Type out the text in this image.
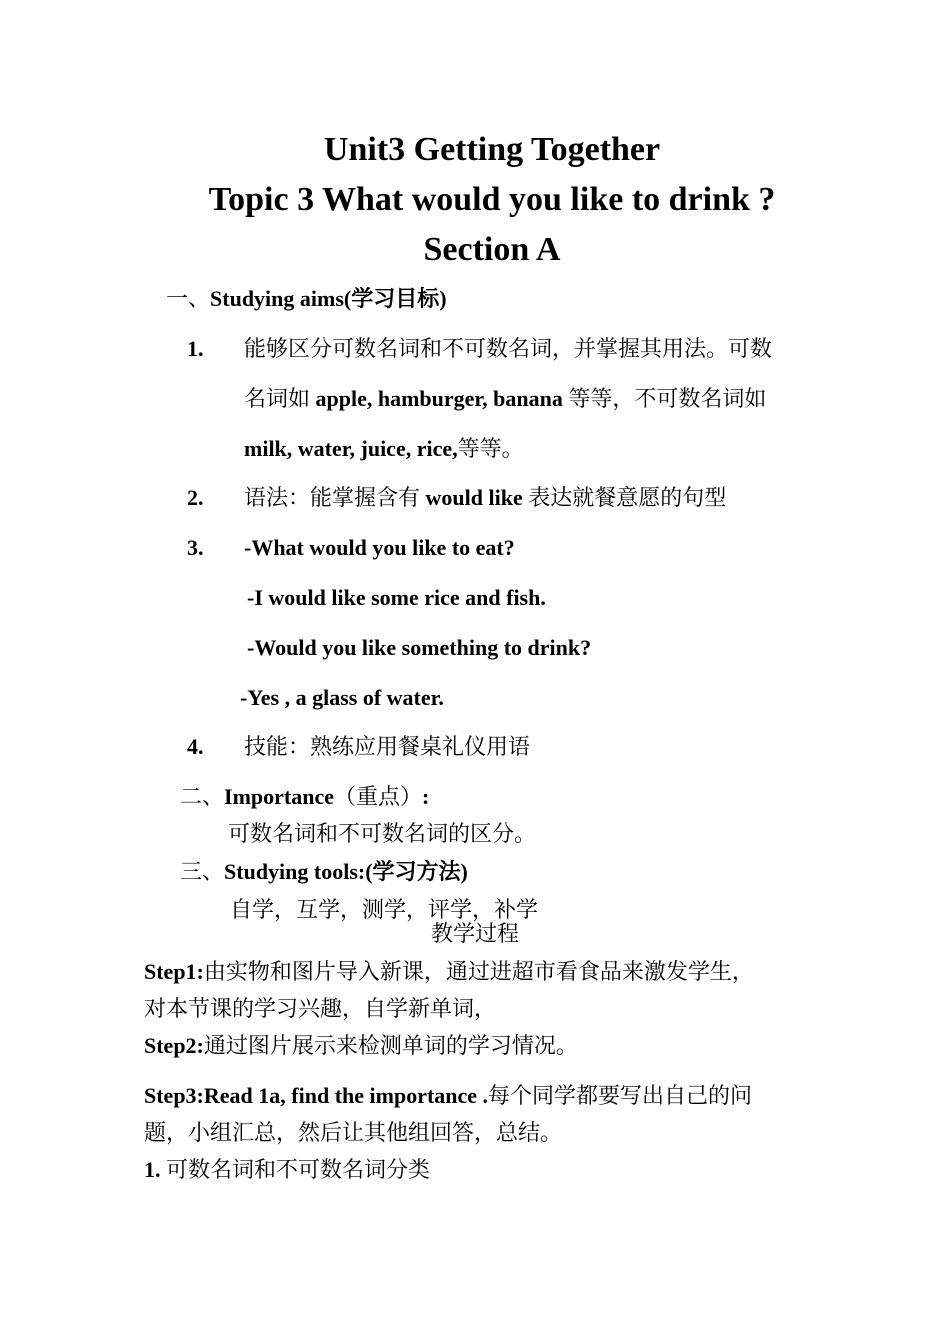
Unit3 Getting Together
Topic 3 What would you like to drink ?
Section A
一、Studying aims(学习目标)
1. 能够区分可数名词和不可数名词，并掌握其用法。可数
名词如 apple, hamburger, banana 等等，不可数名词如
milk, water, juice, rice,等等。
2. 语法：能掌握含有 would like 表达就餐意愿的句型
3. -What would you like to eat?
-I would like some rice and fish.
-Would you like something to drink?
-Yes , a glass of water.
4. 技能：熟练应用餐桌礼仪用语
二、Importance（重点）:
可数名词和不可数名词的区分。
三、Studying tools:(学习方法)
自学，互学，测学，评学，补学
教学过程
Step1:由实物和图片导入新课，通过进超市看食品来激发学生，
对本节课的学习兴趣，自学新单词，
Step2:通过图片展示来检测单词的学习情况。
Step3:Read 1a, find the importance .每个同学都要写出自己的问
题，小组汇总，然后让其他组回答，总结。
1. 可数名词和不可数名词分类
